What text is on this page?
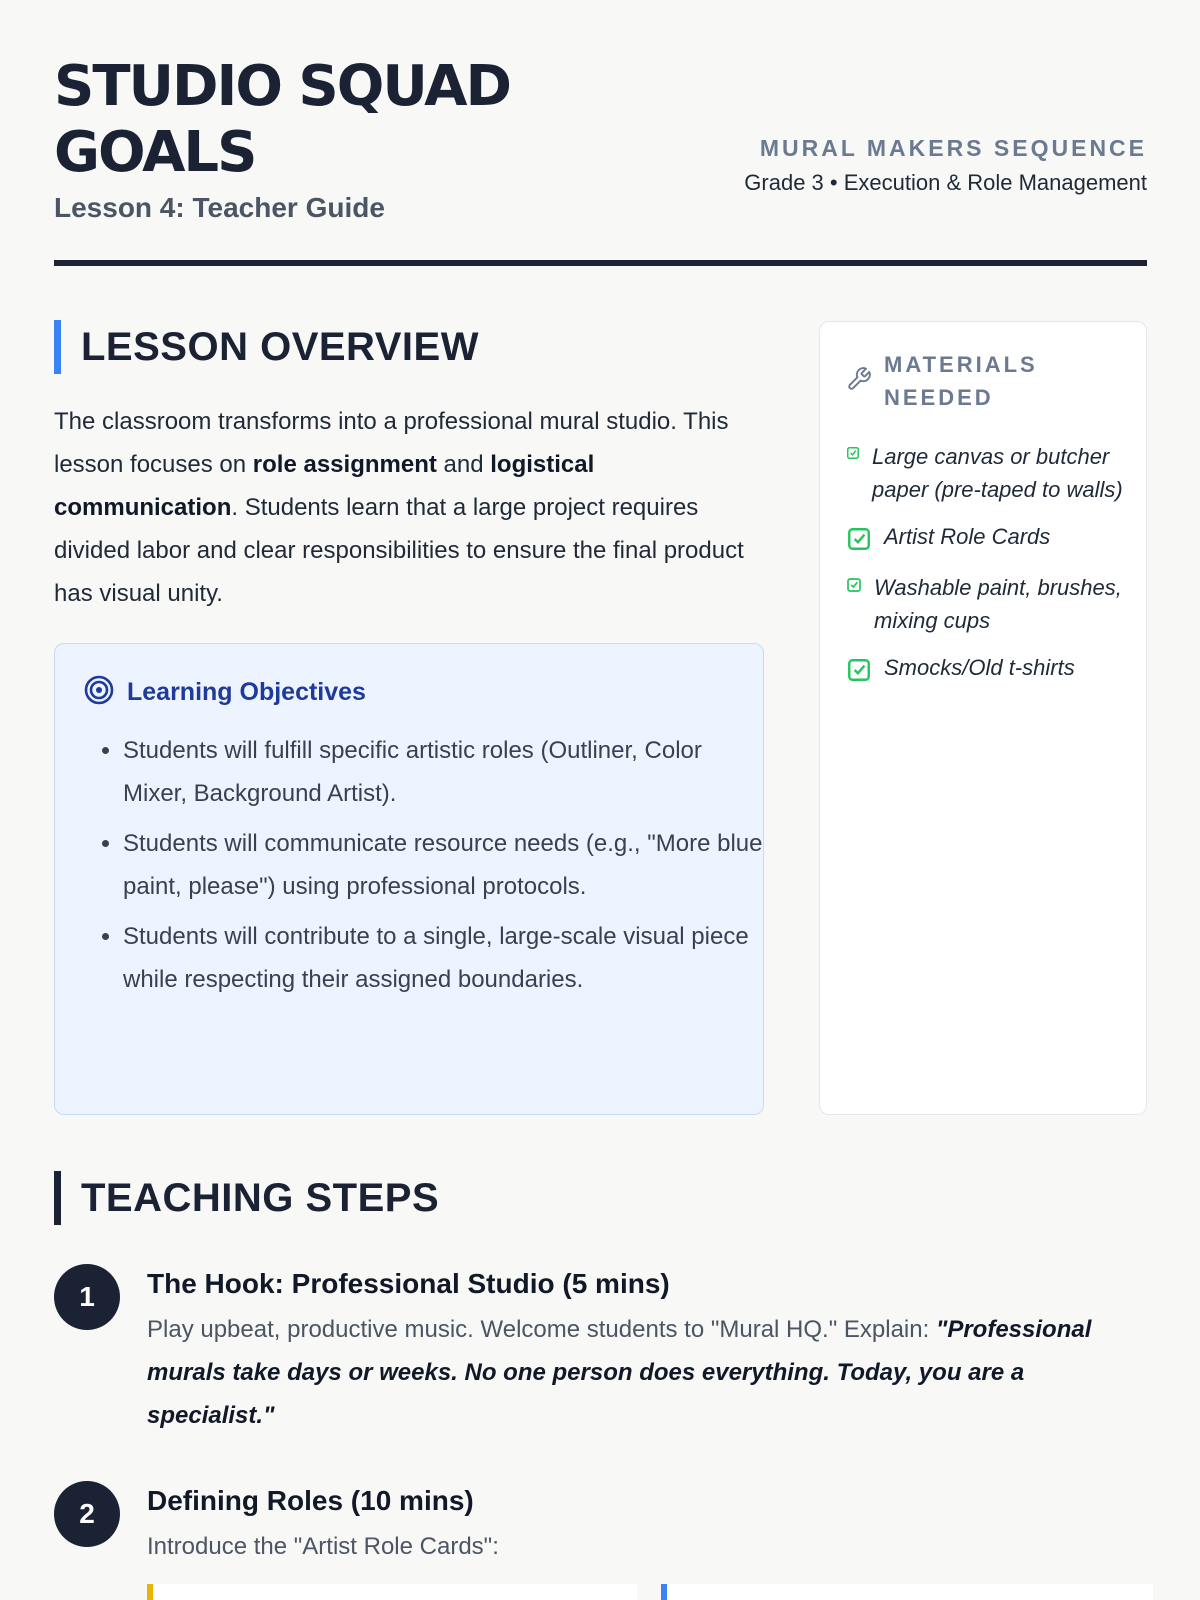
STUDIO SQUAD GOALS
Lesson 4: Teacher Guide
MURAL MAKERS SEQUENCE
Grade 3 • Execution & Role Management
LESSON OVERVIEW

The classroom transforms into a professional mural studio. This lesson focuses on role assignment and logistical communication. Students learn that a large project requires divided labor and clear responsibilities to ensure the final product has visual unity.

Learning Objectives
• Students will fulfill specific artistic roles (Outliner, Color Mixer, Background Artist).
• Students will communicate resource needs (e.g., "More blue paint, please") using professional protocols.
• Students will contribute to a single, large-scale visual piece while respecting their assigned boundaries.
MATERIALS NEEDED
Large canvas or butcher paper (pre-taped to walls)
Artist Role Cards
Washable paint, brushes, mixing cups
Smocks/Old t-shirts
TEACHING STEPS
1	The Hook: Professional Studio (5 mins)

Play upbeat, productive music. Welcome students to "Mural HQ." Explain: "Professional murals take days or weeks. No one person does everything. Today, you are a specialist."

2	Defining Roles (10 mins)

Introduce the "Artist Role Cards":
